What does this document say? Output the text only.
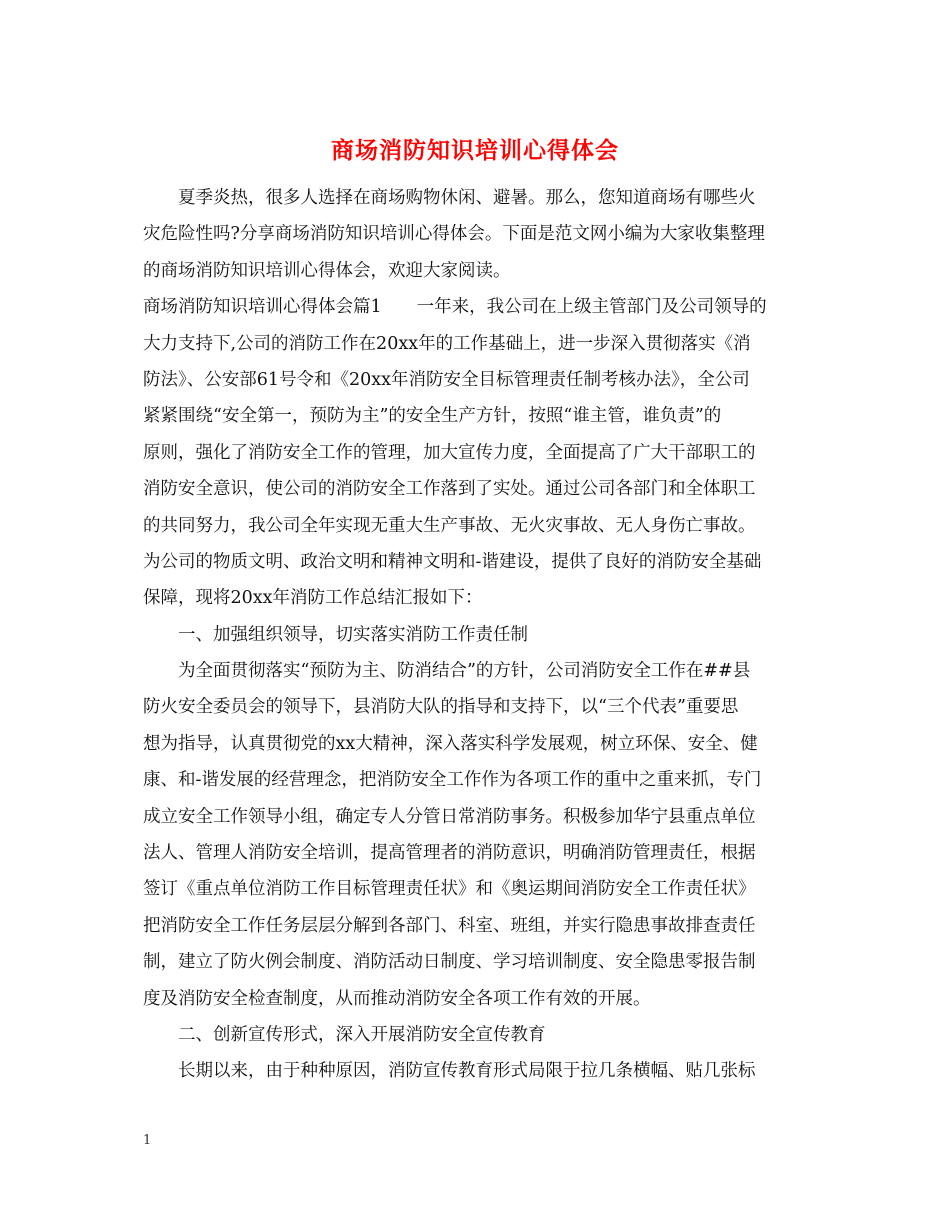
商场消防知识培训心得体会
　　夏季炎热，很多人选择在商场购物休闲、避暑。那么，您知道商场有哪些火
灾危险性吗?分享商场消防知识培训心得体会。下面是范文网小编为大家收集整理
的商场消防知识培训心得体会，欢迎大家阅读。
商场消防知识培训心得体会篇1　　一年来，我公司在上级主管部门及公司领导的
大力支持下,公司的消防工作在20xx年的工作基础上，进一步深入贯彻落实《消
防法》、公安部61号令和《20xx年消防安全目标管理责任制考核办法》，全公司
紧紧围绕“安全第一，预防为主”的安全生产方针，按照“谁主管，谁负责”的
原则，强化了消防安全工作的管理，加大宣传力度，全面提高了广大干部职工的
消防安全意识，使公司的消防安全工作落到了实处。通过公司各部门和全体职工
的共同努力，我公司全年实现无重大生产事故、无火灾事故、无人身伤亡事故。
为公司的物质文明、政治文明和精神文明和-谐建设，提供了良好的消防安全基础
保障，现将20xx年消防工作总结汇报如下：
　　一、加强组织领导，切实落实消防工作责任制
　　为全面贯彻落实“预防为主、防消结合”的方针，公司消防安全工作在##县
防火安全委员会的领导下，县消防大队的指导和支持下，以“三个代表”重要思
想为指导，认真贯彻党的xx大精神，深入落实科学发展观，树立环保、安全、健
康、和-谐发展的经营理念，把消防安全工作作为各项工作的重中之重来抓，专门
成立安全工作领导小组，确定专人分管日常消防事务。积极参加华宁县重点单位
法人、管理人消防安全培训，提高管理者的消防意识，明确消防管理责任，根据
签订《重点单位消防工作目标管理责任状》和《奥运期间消防安全工作责任状》
把消防安全工作任务层层分解到各部门、科室、班组，并实行隐患事故排查责任
制，建立了防火例会制度、消防活动日制度、学习培训制度、安全隐患零报告制
度及消防安全检查制度，从而推动消防安全各项工作有效的开展。
　　二、创新宣传形式，深入开展消防安全宣传教育
　　长期以来，由于种种原因，消防宣传教育形式局限于拉几条横幅、贴几张标
1
